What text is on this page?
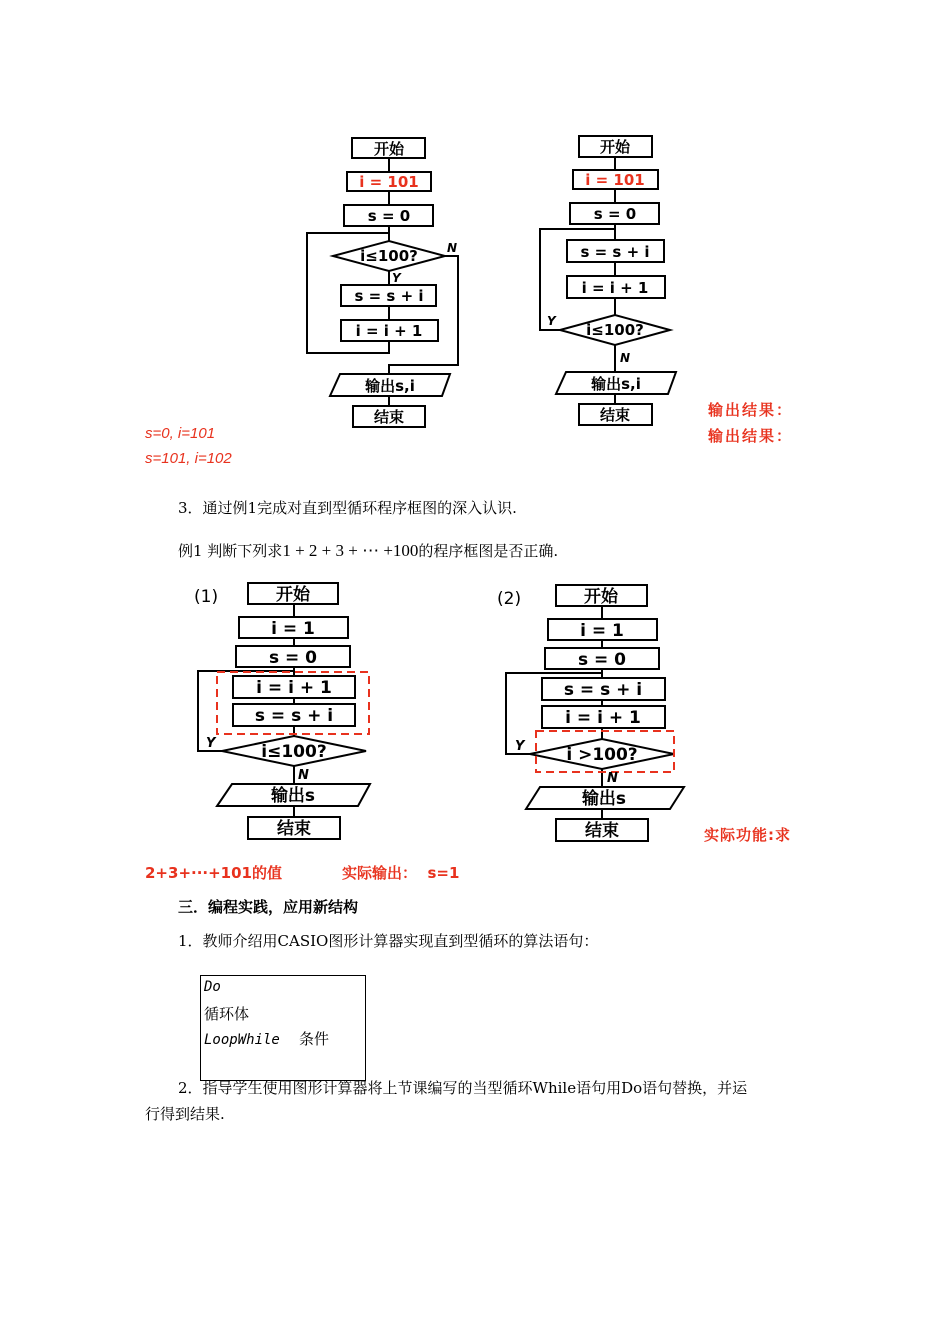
开始
i = 101
s = 0
i≤100?
Y
N
s = s + i
i = i + 1
输出s,i
结束
开始
i = 101
s = 0
s = s + i
i = i + 1
Y i≤100?
N
输出s,i
结束	输出结果：
输出结果：
s=0, i=101
s=101, i=102
3．通过例1完成对直到型循环程序框图的深入认识.
例1 判断下列求1 + 2 + 3 + ⋯ +100的程序框图是否正确.
(1)	开始
i = 1
s = 0
i = i + 1
s = s + i
Y	i≤100?
N
输出s
结束
(2)	开始
i = 1
s = 0
s = s + i
i = i + 1
Y i >100?
N
输出s
结束	实际功能:求
2+3+···+101的值	实际输出：  s=1
三．编程实践，应用新结构
1．教师介绍用CASIO图形计算器实现直到型循环的算法语句：
Do
循环体
LoopWhile 条件
2．指导学生使用图形计算器将上节课编写的当型循环While语句用Do语句替换，并运
行得到结果.
